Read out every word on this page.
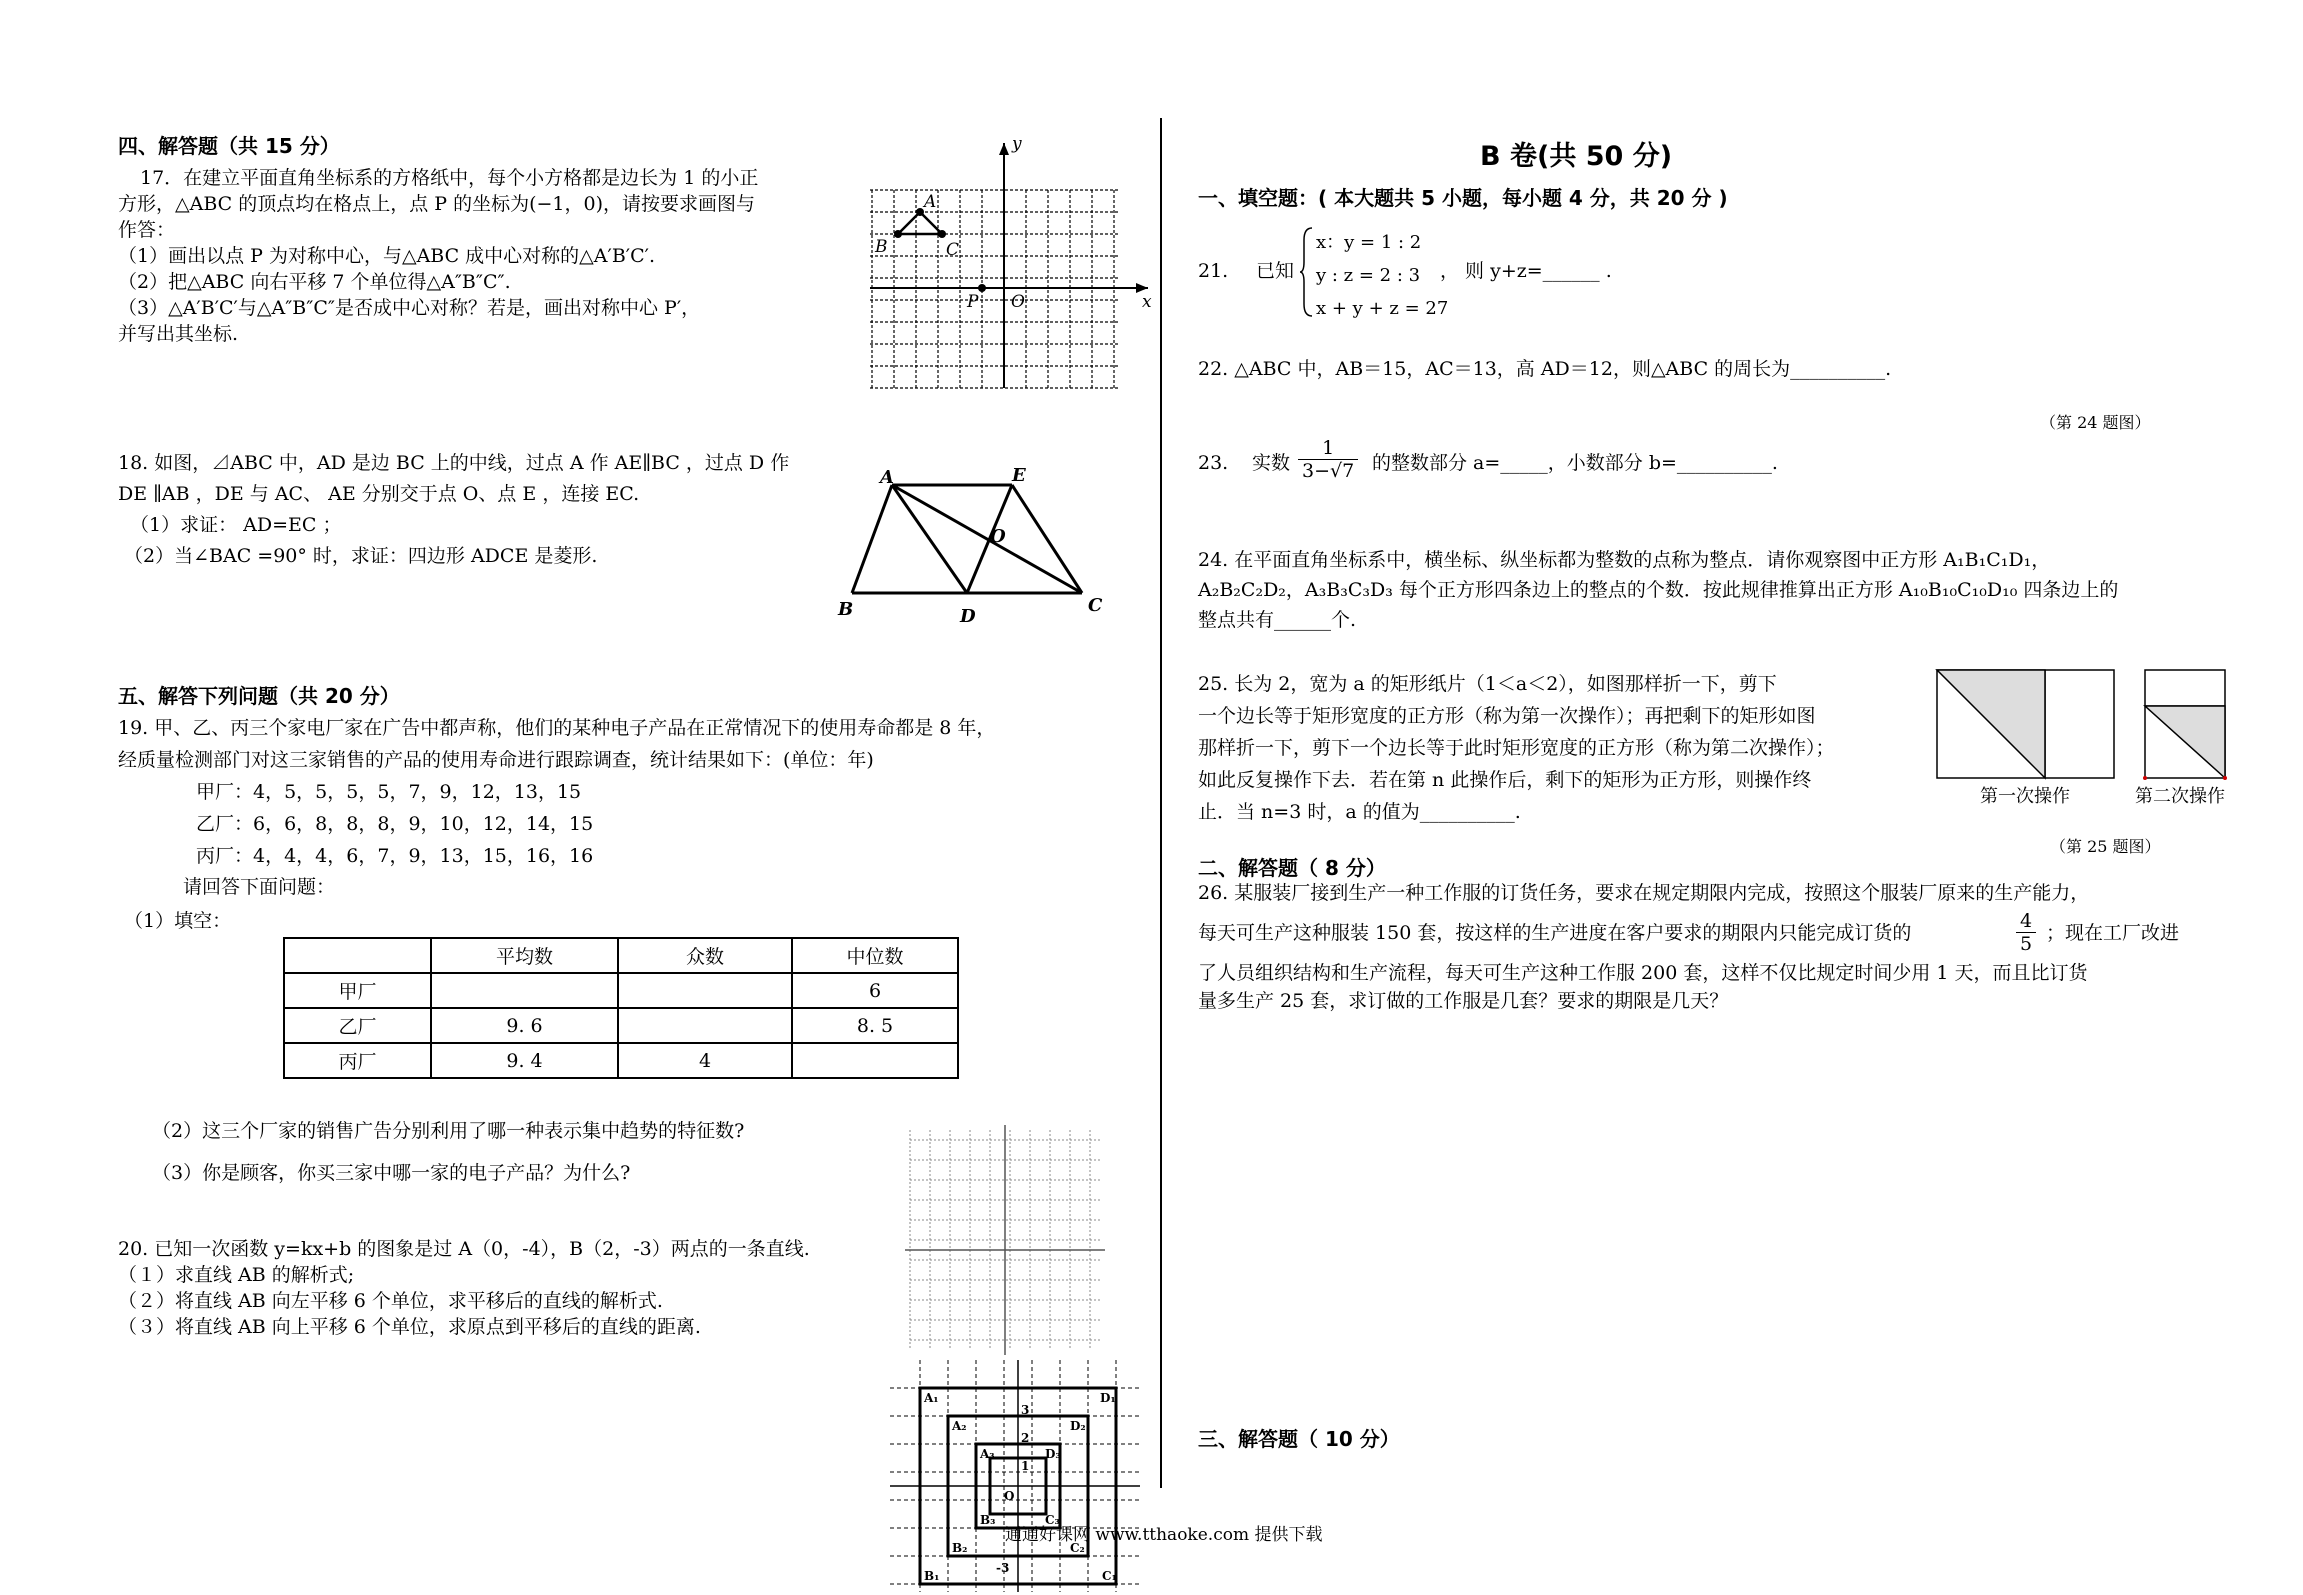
四、解答题（共 15 分）
17．在建立平面直角坐标系的方格纸中，每个小方格都是边长为 1 的小正
方形，△ABC 的顶点均在格点上，点 P 的坐标为(−1，0)，请按要求画图与
作答：
（1）画出以点 P 为对称中心，与△ABC 成中心对称的△A′B′C′.
（2）把△ABC 向右平移 7 个单位得△A″B″C″.
（3）△A′B′C′与△A″B″C″是否成中心对称？若是，画出对称中心 P′，
并写出其坐标.
y
x
A
B	C
P O
18. 如图，⊿ABC 中，AD 是边 BC 上的中线，过点 A 作 AE∥BC ，过点 D 作
DE ∥AB ，DE 与 AC、 AE 分别交于点 O、点 E ，连接 EC.
（1）求证： AD=EC ；
（2）当∠BAC =90° 时，求证：四边形 ADCE 是菱形.
A	E
O
B	D
C
五、解答下列问题（共 20 分）
19. 甲、乙、丙三个家电厂家在广告中都声称，他们的某种电子产品在正常情况下的使用寿命都是 8 年，
经质量检测部门对这三家销售的产品的使用寿命进行跟踪调查，统计结果如下：(单位：年)
甲厂：4，5，5，5，5，7，9，12，13，15
乙厂：6，6，8，8，8，9，10，12，14，15
丙厂：4，4，4，6，7，9，13，15，16，16
请回答下面问题：
（1）填空：
	平均数	众数	中位数
甲厂			6
乙厂	9. 6		8. 5
丙厂	9. 4	4	
（2）这三个厂家的销售广告分别利用了哪一种表示集中趋势的特征数?
（3）你是顾客，你买三家中哪一家的电子产品？为什么?
20. 已知一次函数 y=kx+b 的图象是过 A（0，-4），B（2，-3）两点的一条直线.
（１）求直线 AB 的解析式;
（２）将直线 AB 向左平移 6 个单位，求平移后的直线的解析式.
（３）将直线 AB 向上平移 6 个单位，求原点到平移后的直线的距离.
A₁	D₁
B₁	C₁
A₂	D₂
B₂	C₂
A₃	D₃
B₃	C₃
O
1
2
3
-3
B 卷(共 50 分)
一、填空题：( 本大题共 5 小题，每小题 4 分，共 20 分 )
21. 已知
x：y = 1 : 2
y : z = 2 : 3
x + y + z = 27
， 则 y+z=______ .
22. △ABC 中，AB＝15，AC＝13，高 AD＝12，则△ABC 的周长为__________.
（第 24 题图）
23. 实数 $\frac{1}{3-√7}$ 的整数部分 a=_____，小数部分 b=__________.
24. 在平面直角坐标系中，横坐标、纵坐标都为整数的点称为整点．请你观察图中正方形 A₁B₁C₁D₁，
A₂B₂C₂D₂，A₃B₃C₃D₃ 每个正方形四条边上的整点的个数．按此规律推算出正方形 A₁₀B₁₀C₁₀D₁₀ 四条边上的
整点共有______个.
25. 长为 2，宽为 a 的矩形纸片（1＜a＜2），如图那样折一下，剪下
一个边长等于矩形宽度的正方形（称为第一次操作）；再把剩下的矩形如图
那样折一下，剪下一个边长等于此时矩形宽度的正方形（称为第二次操作）；
如此反复操作下去．若在第 n 此操作后，剩下的矩形为正方形，则操作终
止．当 n=3 时，a 的值为__________.
第一次操作	第二次操作
（第 25 题图）
二、解答题（ 8 分）
26. 某服装厂接到生产一种工作服的订货任务，要求在规定期限内完成，按照这个服装厂原来的生产能力，
每天可生产这种服装 150 套，按这样的生产进度在客户要求的期限内只能完成订货的	$\frac{4}{5}$ ；现在工厂改进
了人员组织结构和生产流程，每天可生产这种工作服 200 套，这样不仅比规定时间少用 1 天，而且比订货
量多生产 25 套，求订做的工作服是几套？要求的期限是几天？
三、解答题（ 10 分）
通通好课网 www.tthaoke.com 提供下载
